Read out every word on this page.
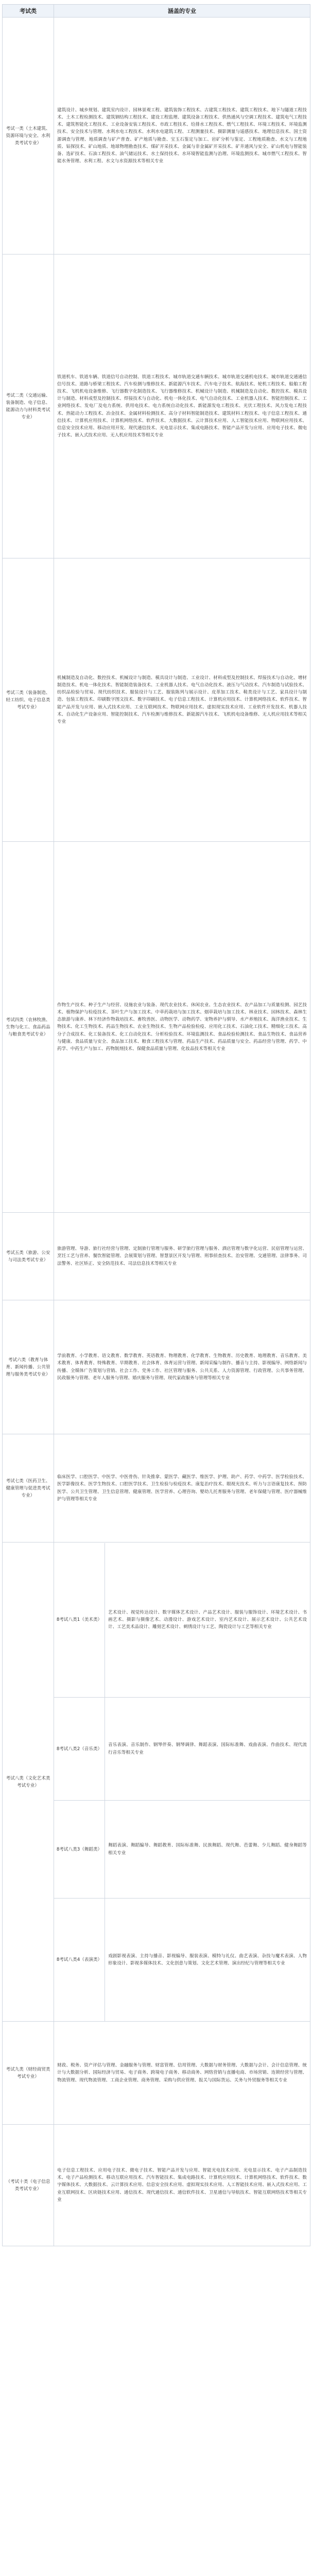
考试类	涵盖的专业
考试一类（土木建筑、资源环境与安全、水利类考试专业）	建筑设计、城乡规划、建筑室内设计、园林景观工程、建筑装饰工程技术、古建筑工程技术、建筑工程技术、地下与隧道工程技术、土木工程检测技术、建筑钢结构工程技术、建设工程监理、建筑设备工程技术、供热通风与空调工程技术、建筑电气工程技术、建筑智能化工程技术、工业设备安装工程技术、市政工程技术、给排水工程技术、燃气工程技术、环境工程技术、环境监测技术、安全技术与管理、水利水电工程技术、水利水电建筑工程、工程测量技术、摄影测量与遥感技术、地理信息技术、国土资源调查与管理、地质调查与矿产普查、矿产地质与勘查、宝玉石鉴定与加工、岩矿分析与鉴定、工程地质勘查、水文与工程地质、钻探技术、矿山地质、地球物理勘查技术、煤矿开采技术、金属与非金属矿开采技术、矿井通风与安全、矿山机电与智能装备、选矿技术、石油工程技术、油气储运技术、水土保持技术、水环境智能监测与治理、环境监测技术、城市燃气工程技术、智能水务管理、水利工程、水文与水资源技术等相关专业
考试二类（交通运输、装备制造、电子信息、能源动力与材料类考试专业）	铁道机车、铁道车辆、铁道信号自动控制、铁道工程技术、城市轨道交通车辆技术、城市轨道交通机电技术、城市轨道交通通信信号技术、道路与桥梁工程技术、汽车检测与维修技术、新能源汽车技术、汽车电子技术、航海技术、轮机工程技术、船舶工程技术、飞机机电设备维修、飞行器数字化制造技术、飞行器维修技术、机械设计与制造、机械制造及自动化、数控技术、模具设计与制造、材料成型及控制技术、焊接技术与自动化、机电一体化技术、电气自动化技术、工业机器人技术、智能控制技术、工业网络技术、发电厂及电力系统、供用电技术、电力系统自动化技术、新能源发电工程技术、光伏工程技术、风力发电工程技术、热能动力工程技术、冶金技术、金属材料检测技术、高分子材料智能制造技术、建筑材料工程技术、电子信息工程技术、通信技术、计算机应用技术、计算机网络技术、软件技术、大数据技术、云计算技术应用、人工智能技术应用、物联网应用技术、信息安全技术应用、移动应用开发、现代通信技术、光电显示技术、集成电路技术、智能产品开发与应用、应用电子技术、微电子技术、嵌入式技术应用、无人机应用技术等相关专业
考试三类（装备制造、轻工纺织、电子信息类考试专业）	机械制造及自动化、数控技术、机械设计与制造、模具设计与制造、工业设计、材料成型及控制技术、焊接技术与自动化、增材制造技术、机电一体化技术、智能制造装备技术、工业机器人技术、电气自动化技术、液压与气动技术、汽车制造与试验技术、纺织品检验与贸易、现代纺织技术、服装设计与工艺、服装陈列与展示设计、皮革加工技术、鞋类设计与工艺、家具设计与制造、包装工程技术、印刷数字图文技术、数字印刷技术、电子信息工程技术、计算机应用技术、计算机网络技术、软件技术、智能产品开发与应用、嵌入式技术应用、工业互联网技术、物联网应用技术、虚拟现实技术应用、工业软件开发技术、机器人技术、自动化生产设备应用、智能控制技术、汽车检测与维修技术、新能源汽车技术、飞机机电设备维修、无人机应用技术等相关专业
考试四类（农林牧渔、生物与化工、食品药品与粮食类考试专业）	作物生产技术、种子生产与经营、设施农业与装备、现代农业技术、休闲农业、生态农业技术、农产品加工与质量检测、园艺技术、植物保护与检疫技术、茶叶生产与加工技术、中草药栽培与加工技术、烟草栽培与加工技术、林业技术、园林技术、森林生态旅游与康养、林下经济作物栽培技术、畜牧兽医、动物医学、动物药学、宠物养护与驯导、水产养殖技术、海洋渔业技术、生物技术、化工生物技术、药品生物技术、农业生物技术、生物产品检验检疫、应用化工技术、石油化工技术、精细化工技术、高分子合成技术、化工装备技术、化工自动化技术、分析检验技术、环境监测技术、食品检验检测技术、食品生物技术、食品营养与健康、食品质量与安全、食品加工技术、粮食工程技术与管理、药品生产技术、药品质量与安全、药品经营与管理、药学、中药学、中药生产与加工、药物制剂技术、保健食品质量与管理、化妆品技术等相关专业
考试五类（旅游、公安与司法类考试专业）	旅游管理、导游、旅行社经营与管理、定制旅行管理与服务、研学旅行管理与服务、酒店管理与数字化运营、民宿管理与运营、烹饪工艺与营养、餐饮智能管理、会展策划与管理、智慧景区开发与管理、刑事侦查技术、治安管理、交通管理、法律事务、司法警务、社区矫正、安全防范技术、司法信息技术等相关专业
考试六类（教育与体育、新闻传播、公共管理与服务类考试专业）	学前教育、小学教育、语文教育、数学教育、英语教育、物理教育、化学教育、生物教育、历史教育、地理教育、音乐教育、美术教育、体育教育、特殊教育、早期教育、社会体育、体育运营与管理、新闻采编与制作、播音与主持、影视编导、网络新闻与传播、全媒体广告策划与营销、社会工作、党务工作、社区管理与服务、公共关系、人力资源管理、行政管理、公共事务管理、民政服务与管理、老年人服务与管理、婚庆服务与管理、现代家政服务与管理等相关专业
考试七类（医药卫生、健康管理与促进类考试专业）	临床医学、口腔医学、中医学、中医骨伤、针灸推拿、蒙医学、藏医学、维医学、护理、助产、药学、中药学、医学检验技术、医学影像技术、医学生物技术、口腔医学技术、卫生检验与检疫技术、康复治疗技术、眼视光技术、听力与言语康复技术、预防医学、公共卫生管理、卫生信息管理、健康管理、医学营养、心理咨询、婴幼儿托育服务与管理、老年保健与管理、医疗器械维护与管理等相关专业
考试八类（文化艺术类考试专业）	
8考试八类1（美术类）	艺术设计、视觉传达设计、数字媒体艺术设计、产品艺术设计、服装与服饰设计、环境艺术设计、书画艺术、摄影与摄像艺术、动漫设计、游戏艺术设计、室内艺术设计、展示艺术设计、公共艺术设计、工艺美术品设计、雕刻艺术设计、刺绣设计与工艺、陶瓷设计与工艺等相关专业
8考试八类2（音乐类）	音乐表演、音乐制作、钢琴伴奏、钢琴调律、舞蹈表演、国际标准舞、戏曲表演、作曲技术、现代流行音乐等相关专业
8考试八类3（舞蹈类）	舞蹈表演、舞蹈编导、舞蹈教育、国际标准舞、民族舞蹈、现代舞、芭蕾舞、少儿舞蹈、健身舞蹈等相关专业
8考试八类4（表演类）	戏剧影视表演、主持与播音、影视编导、服装表演、模特与礼仪、曲艺表演、杂技与魔术表演、人物形象设计、影视多媒体技术、文化创意与策划、文化艺术管理、演出经纪与管理等相关专业

考试九类（财经商贸类考试专业）	财政、税务、资产评估与管理、金融服务与管理、财富管理、信用管理、大数据与财务管理、大数据与会计、会计信息管理、统计与大数据分析、国际经济与贸易、电子商务、跨境电子商务、移动商务、网络营销与直播电商、市场营销、连锁经营与管理、物流管理、现代物流管理、工商企业管理、商务管理、采购与供应管理、报关与国际货运、关务与外贸服务等相关专业
（考试十类（电子信息类考试专业）	电子信息工程技术、应用电子技术、微电子技术、智能产品开发与应用、智能光电技术应用、光电显示技术、电子产品制造技术、电子产品检测技术、移动互联应用技术、汽车智能技术、集成电路技术、计算机应用技术、计算机网络技术、软件技术、数字媒体技术、大数据技术、云计算技术应用、信息安全技术应用、虚拟现实技术应用、人工智能技术应用、嵌入式技术应用、工业互联网技术、区块链技术应用、通信技术、现代通信技术、通信软件技术、卫星通信与导航技术、智能互联网络技术等相关专业
